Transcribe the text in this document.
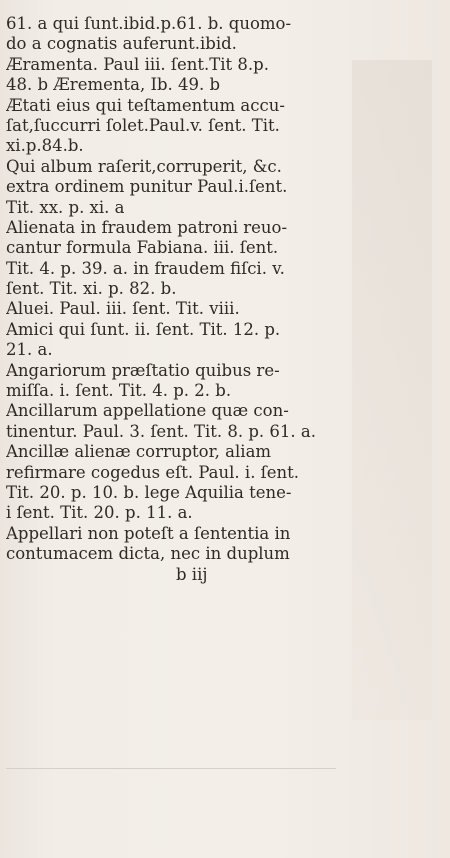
61. a qui ſunt.ibid.p.61. b. quomo-
do a cognatis auferunt.ibid.
Æramenta. Paul iii. ſent.Tit 8.p.
48. b Ærementa, Ib. 49. b
Ætati eius qui teſtamentum accu-
ſat,ſuccurri ſolet.Paul.v. ſent. Tit.
xi.p.84.b.
Qui album raſerit,corruperit, &c.
extra ordinem punitur Paul.i.ſent.
Tit. xx. p. xi. a
Alienata in fraudem patroni reuo-
cantur formula Fabiana. iii. ſent.
Tit. 4. p. 39. a. in fraudem fiſci. v.
ſent. Tit. xi. p. 82. b.
Aluei. Paul. iii. ſent. Tit. viii.
Amici qui ſunt. ii. ſent. Tit. 12. p.
21. a.
Angariorum præſtatio quibus re-
miſſa. i. ſent. Tit. 4. p. 2. b.
Ancillarum appellatione quæ con-
tinentur. Paul. 3. ſent. Tit. 8. p. 61. a.
Ancillæ alienæ corruptor, aliam
refirmare cogedus eſt. Paul. i. ſent.
Tit. 20. p. 10. b. lege Aquilia tene-
i ſent. Tit. 20. p. 11. a.
Appellari non poteſt a ſententia in
contumacem dicta, nec in duplum
b iij
